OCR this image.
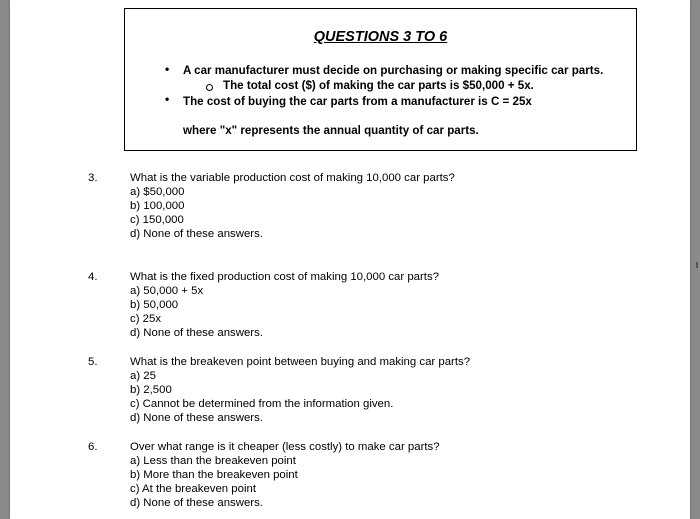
QUESTIONS 3 TO 6
• A car manufacturer must decide on purchasing or making specific car parts.
The total cost ($) of making the car parts is $50,000 + 5x.
• The cost of buying the car parts from a manufacturer is C = 25x
where "x" represents the annual quantity of car parts.
3.	What is the variable production cost of making 10,000 car parts?
a) $50,000
b) 100,000
c) 150,000
d) None of these answers.
4.	What is the fixed production cost of making 10,000 car parts?
a) 50,000 + 5x
b) 50,000
c) 25x
d) None of these answers.
5.	What is the breakeven point between buying and making car parts?
a) 25
b) 2,500
c) Cannot be determined from the information given.
d) None of these answers.
6.	Over what range is it cheaper (less costly) to make car parts?
a) Less than the breakeven point
b) More than the breakeven point
c) At the breakeven point
d) None of these answers.
